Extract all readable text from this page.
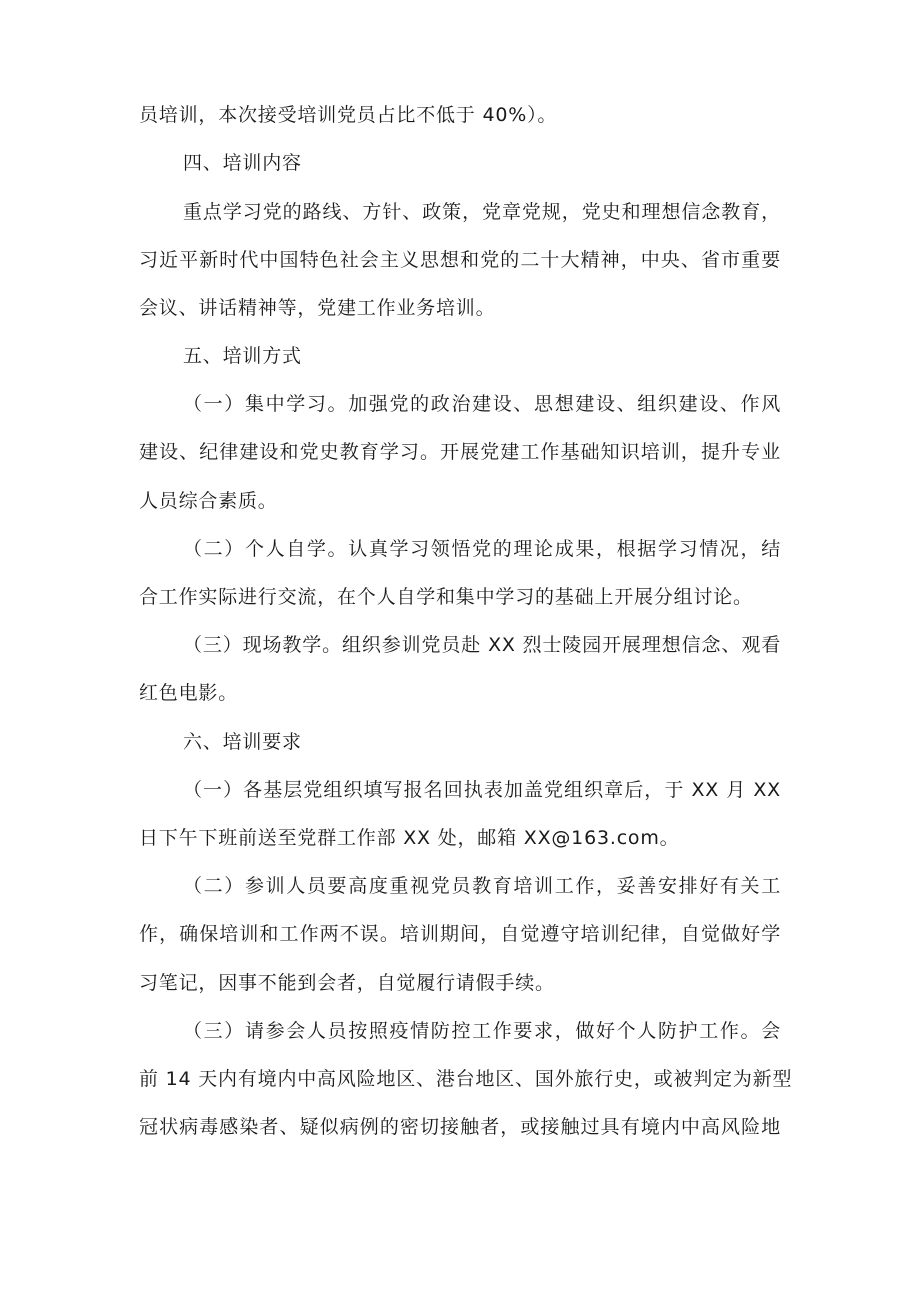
员培训，本次接受培训党员占比不低于 40%）。
四、培训内容
重点学习党的路线、方针、政策，党章党规，党史和理想信念教育，
习近平新时代中国特色社会主义思想和党的二十大精神，中央、省市重要
会议、讲话精神等，党建工作业务培训。
五、培训方式
（一）集中学习。加强党的政治建设、思想建设、组织建设、作风
建设、纪律建设和党史教育学习。开展党建工作基础知识培训，提升专业
人员综合素质。
（二）个人自学。认真学习领悟党的理论成果，根据学习情况，结
合工作实际进行交流，在个人自学和集中学习的基础上开展分组讨论。
（三）现场教学。组织参训党员赴 XX 烈士陵园开展理想信念、观看
红色电影。
六、培训要求
（一）各基层党组织填写报名回执表加盖党组织章后，于 XX 月 XX
日下午下班前送至党群工作部 XX 处，邮箱 XX@163.com。
（二）参训人员要高度重视党员教育培训工作，妥善安排好有关工
作，确保培训和工作两不误。培训期间，自觉遵守培训纪律，自觉做好学
习笔记，因事不能到会者，自觉履行请假手续。
（三）请参会人员按照疫情防控工作要求，做好个人防护工作。会
前 14 天内有境内中高风险地区、港台地区、国外旅行史，或被判定为新型
冠状病毒感染者、疑似病例的密切接触者，或接触过具有境内中高风险地
